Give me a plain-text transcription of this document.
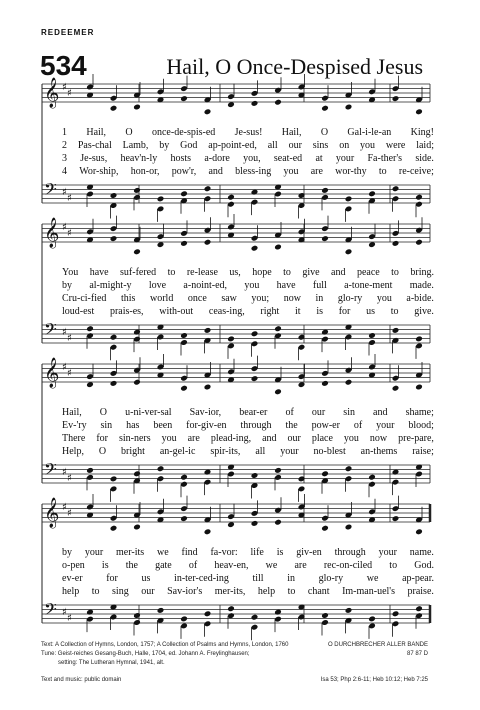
REDEEMER
534	Hail, O Once-Despised Jesus
𝄞 ♯
♯
𝄢 ♯
♯
𝄞 ♯
♯
𝄢 ♯
♯
𝄞 ♯
♯
𝄢 ♯
♯
𝄞 ♯
♯
𝄢 ♯
♯
1 Hail, O once-de-spis-ed Je-sus! Hail, O Gal-i-le-an King!
2 Pas-chal Lamb, by God ap-point-ed, all our sins on you were laid;
3 Je-sus, heav'n-ly hosts a-dore you, seat-ed at your Fa-ther's side.
4 Wor-ship, hon-or, pow'r, and bless-ing you are wor-thy to re-ceive;
You have suf-fered to re-lease us, hope to give and peace to bring.
by al-might-y love a-noint-ed, you have full a-tone-ment made.
Cru-ci-fied this world once saw you; now in glo-ry you a-bide.
loud-est prais-es, with-out ceas-ing, right it is for us to give.
Hail, O u-ni-ver-sal Sav-ior, bear-er of our sin and shame;
Ev-'ry sin has been for-giv-en through the pow-er of your blood;
There for sin-ners you are plead-ing, and our place you now pre-pare,
Help, O bright an-gel-ic spir-its, all your no-blest an-thems raise;
by your mer-its we find fa-vor: life is giv-en through your name.
o-pen is the gate of heav-en, we are rec-on-ciled to God.
ev-er for us in-ter-ced-ing till in glo-ry we ap-pear.
help to sing our Sav-ior's mer-its, help to chant Im-man-uel's praise.
Text: A Collection of Hymns, London, 1757; A Collection of Psalms and Hymns, London, 1760
Tune: Geist-reiches Gesang-Buch, Halle, 1704, ed. Johann A. Freylinghausen;
setting: The Lutheran Hymnal, 1941, alt.
Text and music: public domain
O DURCHBRECHER ALLER BANDE
87 87 D
Isa 53; Php 2:6-11; Heb 10:12; Heb 7:25
